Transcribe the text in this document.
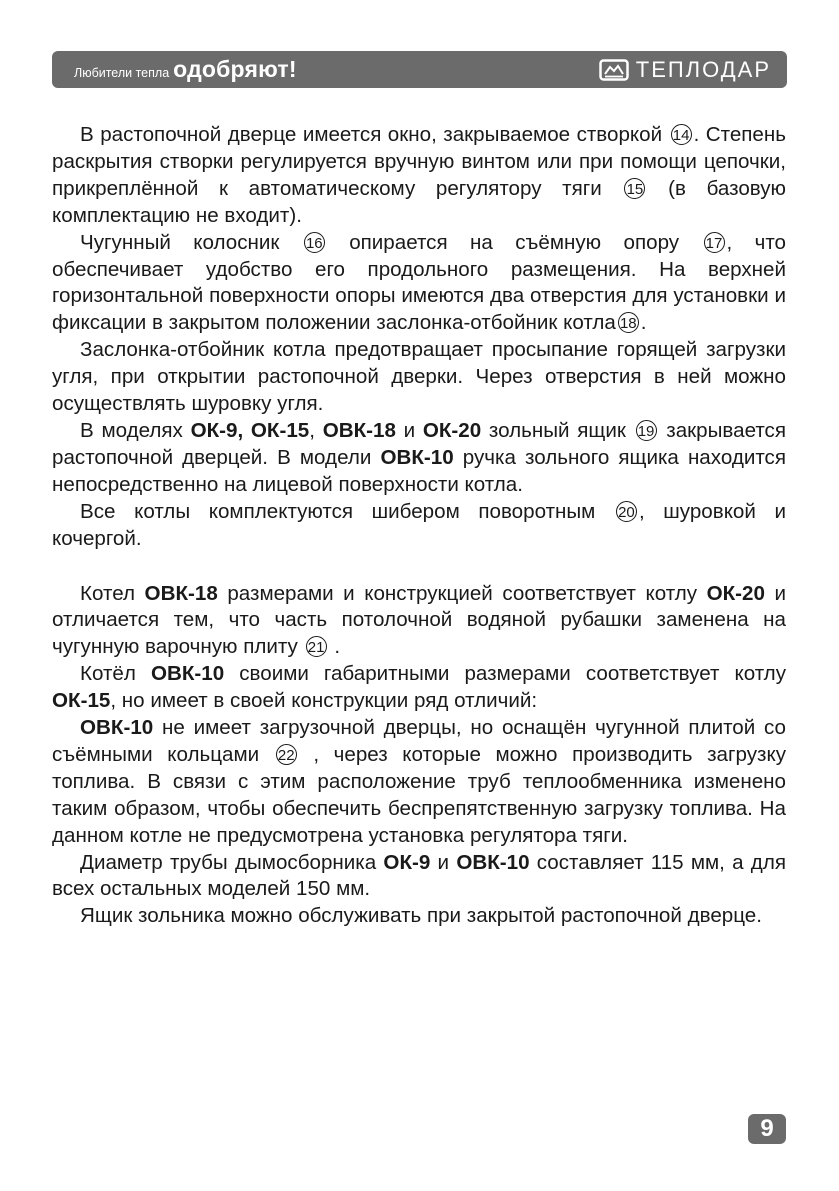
Любители тепла одобряют!	ТЕПЛОДАР

В растопочной дверце имеется окно, закрываемое створкой 14 . Степень раскрытия створки регулируется вручную винтом или при помощи цепочки, прикреплённой к автоматическому регулятору тяги 15 (в базовую комплектацию не входит).

Чугунный колосник 16 опирается на съёмную опору 17 , что обеспечивает удобство его продольного размещения. На верхней горизонтальной поверхности опоры имеются два отверстия для установки и фиксации в закрытом положении заслонка-отбойник котла 18 .

Заслонка-отбойник котла предотвращает просыпание горящей загрузки угля, при открытии растопочной дверки. Через отверстия в ней можно осуществлять шуровку угля.

В моделях ОК-9, ОК-15, ОВК-18 и ОК-20 зольный ящик 19 закрывается растопочной дверцей. В модели ОВК-10 ручка зольного ящика находится непосредственно на лицевой поверхности котла.

Все котлы комплектуются шибером поворотным 20 , шуровкой и кочергой.

Котел ОВК-18 размерами и конструкцией соответствует котлу ОК-20 и отличается тем, что часть потолочной водяной рубашки заменена на чугунную варочную плиту 21 .

Котёл ОВК-10 своими габаритными размерами соответствует котлу ОК-15, но имеет в своей конструкции ряд отличий:

ОВК-10 не имеет загрузочной дверцы, но оснащён чугунной плитой со съёмными кольцами 22 , через которые можно производить загрузку топлива. В связи с этим расположение труб теплообменника изменено таким образом, чтобы обеспечить беспрепятственную загрузку топлива. На данном котле не предусмотрена установка регулятора тяги.

Диаметр трубы дымосборника ОК-9 и ОВК-10 составляет 115 мм, а для всех остальных моделей 150 мм.

Ящик зольника можно обслуживать при закрытой растопочной дверце.

9
